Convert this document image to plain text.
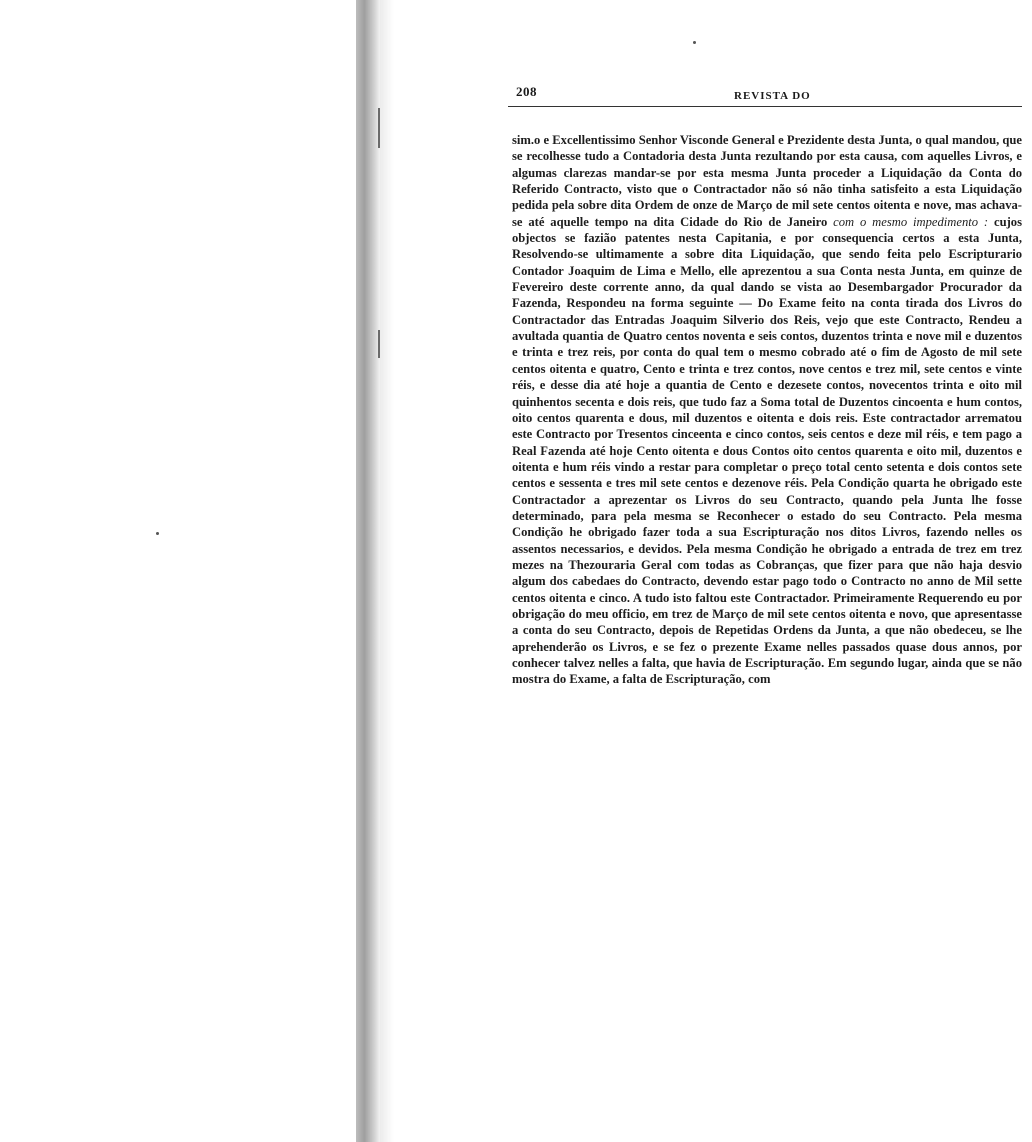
208	REVISTA DO

sim.o e Excellentissimo Senhor Visconde General e Prezidente desta Junta, o qual mandou, que se recolhesse tudo a Contadoria desta Junta rezultando por esta causa, com aquelles Livros, e algumas clarezas mandar-se por esta mesma Junta proceder a Liquidação da Conta do Referido Contracto, visto que o Contractador não só não tinha satisfeito a esta Liquidação pedida pela sobre dita Ordem de onze de Março de mil sete centos oitenta e nove, mas achava-se até aquelle tempo na dita Cidade do Rio de Janeiro com o mesmo impedimento : cujos objectos se fazião patentes nesta Capitania, e por consequencia certos a esta Junta, Resolvendo-se ultimamente a sobre dita Liquidação, que sendo feita pelo Escripturario Contador Joaquim de Lima e Mello, elle aprezentou a sua Conta nesta Junta, em quinze de Fevereiro deste corrente anno, da qual dando se vista ao Desembargador Procurador da Fazenda, Respondeu na forma seguinte — Do Exame feito na conta tirada dos Livros do Contractador das Entradas Joaquim Silverio dos Reis, vejo que este Contracto, Rendeu a avultada quantia de Quatro centos noventa e seis contos, duzentos trinta e nove mil e duzentos e trinta e trez reis, por conta do qual tem o mesmo cobrado até o fim de Agosto de mil sete centos oitenta e quatro, Cento e trinta e trez contos, nove centos e trez mil, sete centos e vinte réis, e desse dia até hoje a quantia de Cento e dezesete contos, novecentos trinta e oito mil quinhentos secenta e dois reis, que tudo faz a Soma total de Duzentos cincoenta e hum contos, oito centos quarenta e dous, mil duzentos e oitenta e dois reis. Este contractador arrematou este Contracto por Tresentos cinceenta e cinco contos, seis centos e deze mil réis, e tem pago a Real Fazenda até hoje Cento oitenta e dous Contos oito centos quarenta e oito mil, duzentos e oitenta e hum réis vindo a restar para completar o preço total cento setenta e dois contos sete centos e sessenta e tres mil sete centos e dezenove réis. Pela Condição quarta he obrigado este Contractador a aprezentar os Livros do seu Contracto, quando pela Junta lhe fosse determinado, para pela mesma se Reconhecer o estado do seu Contracto. Pela mesma Condição he obrigado fazer toda a sua Escripturação nos ditos Livros, fazendo nelles os assentos necessarios, e devidos. Pela mesma Condição he obrigado a entrada de trez em trez mezes na Thezouraria Geral com todas as Cobranças, que fizer para que não haja desvio algum dos cabedaes do Contracto, devendo estar pago todo o Contracto no anno de Mil sette centos oitenta e cinco. A tudo isto faltou este Contractador. Primeiramente Requerendo eu por obrigação do meu officio, em trez de Março de mil sete centos oitenta e novo, que apresentasse a conta do seu Contracto, depois de Repetidas Ordens da Junta, a que não obedeceu, se lhe aprehenderão os Livros, e se fez o prezente Exame nelles passados quase dous annos, por conhecer talvez nelles a falta, que havia de Escripturação. Em segundo lugar, ainda que se não mostra do Exame, a falta de Escripturação, com
